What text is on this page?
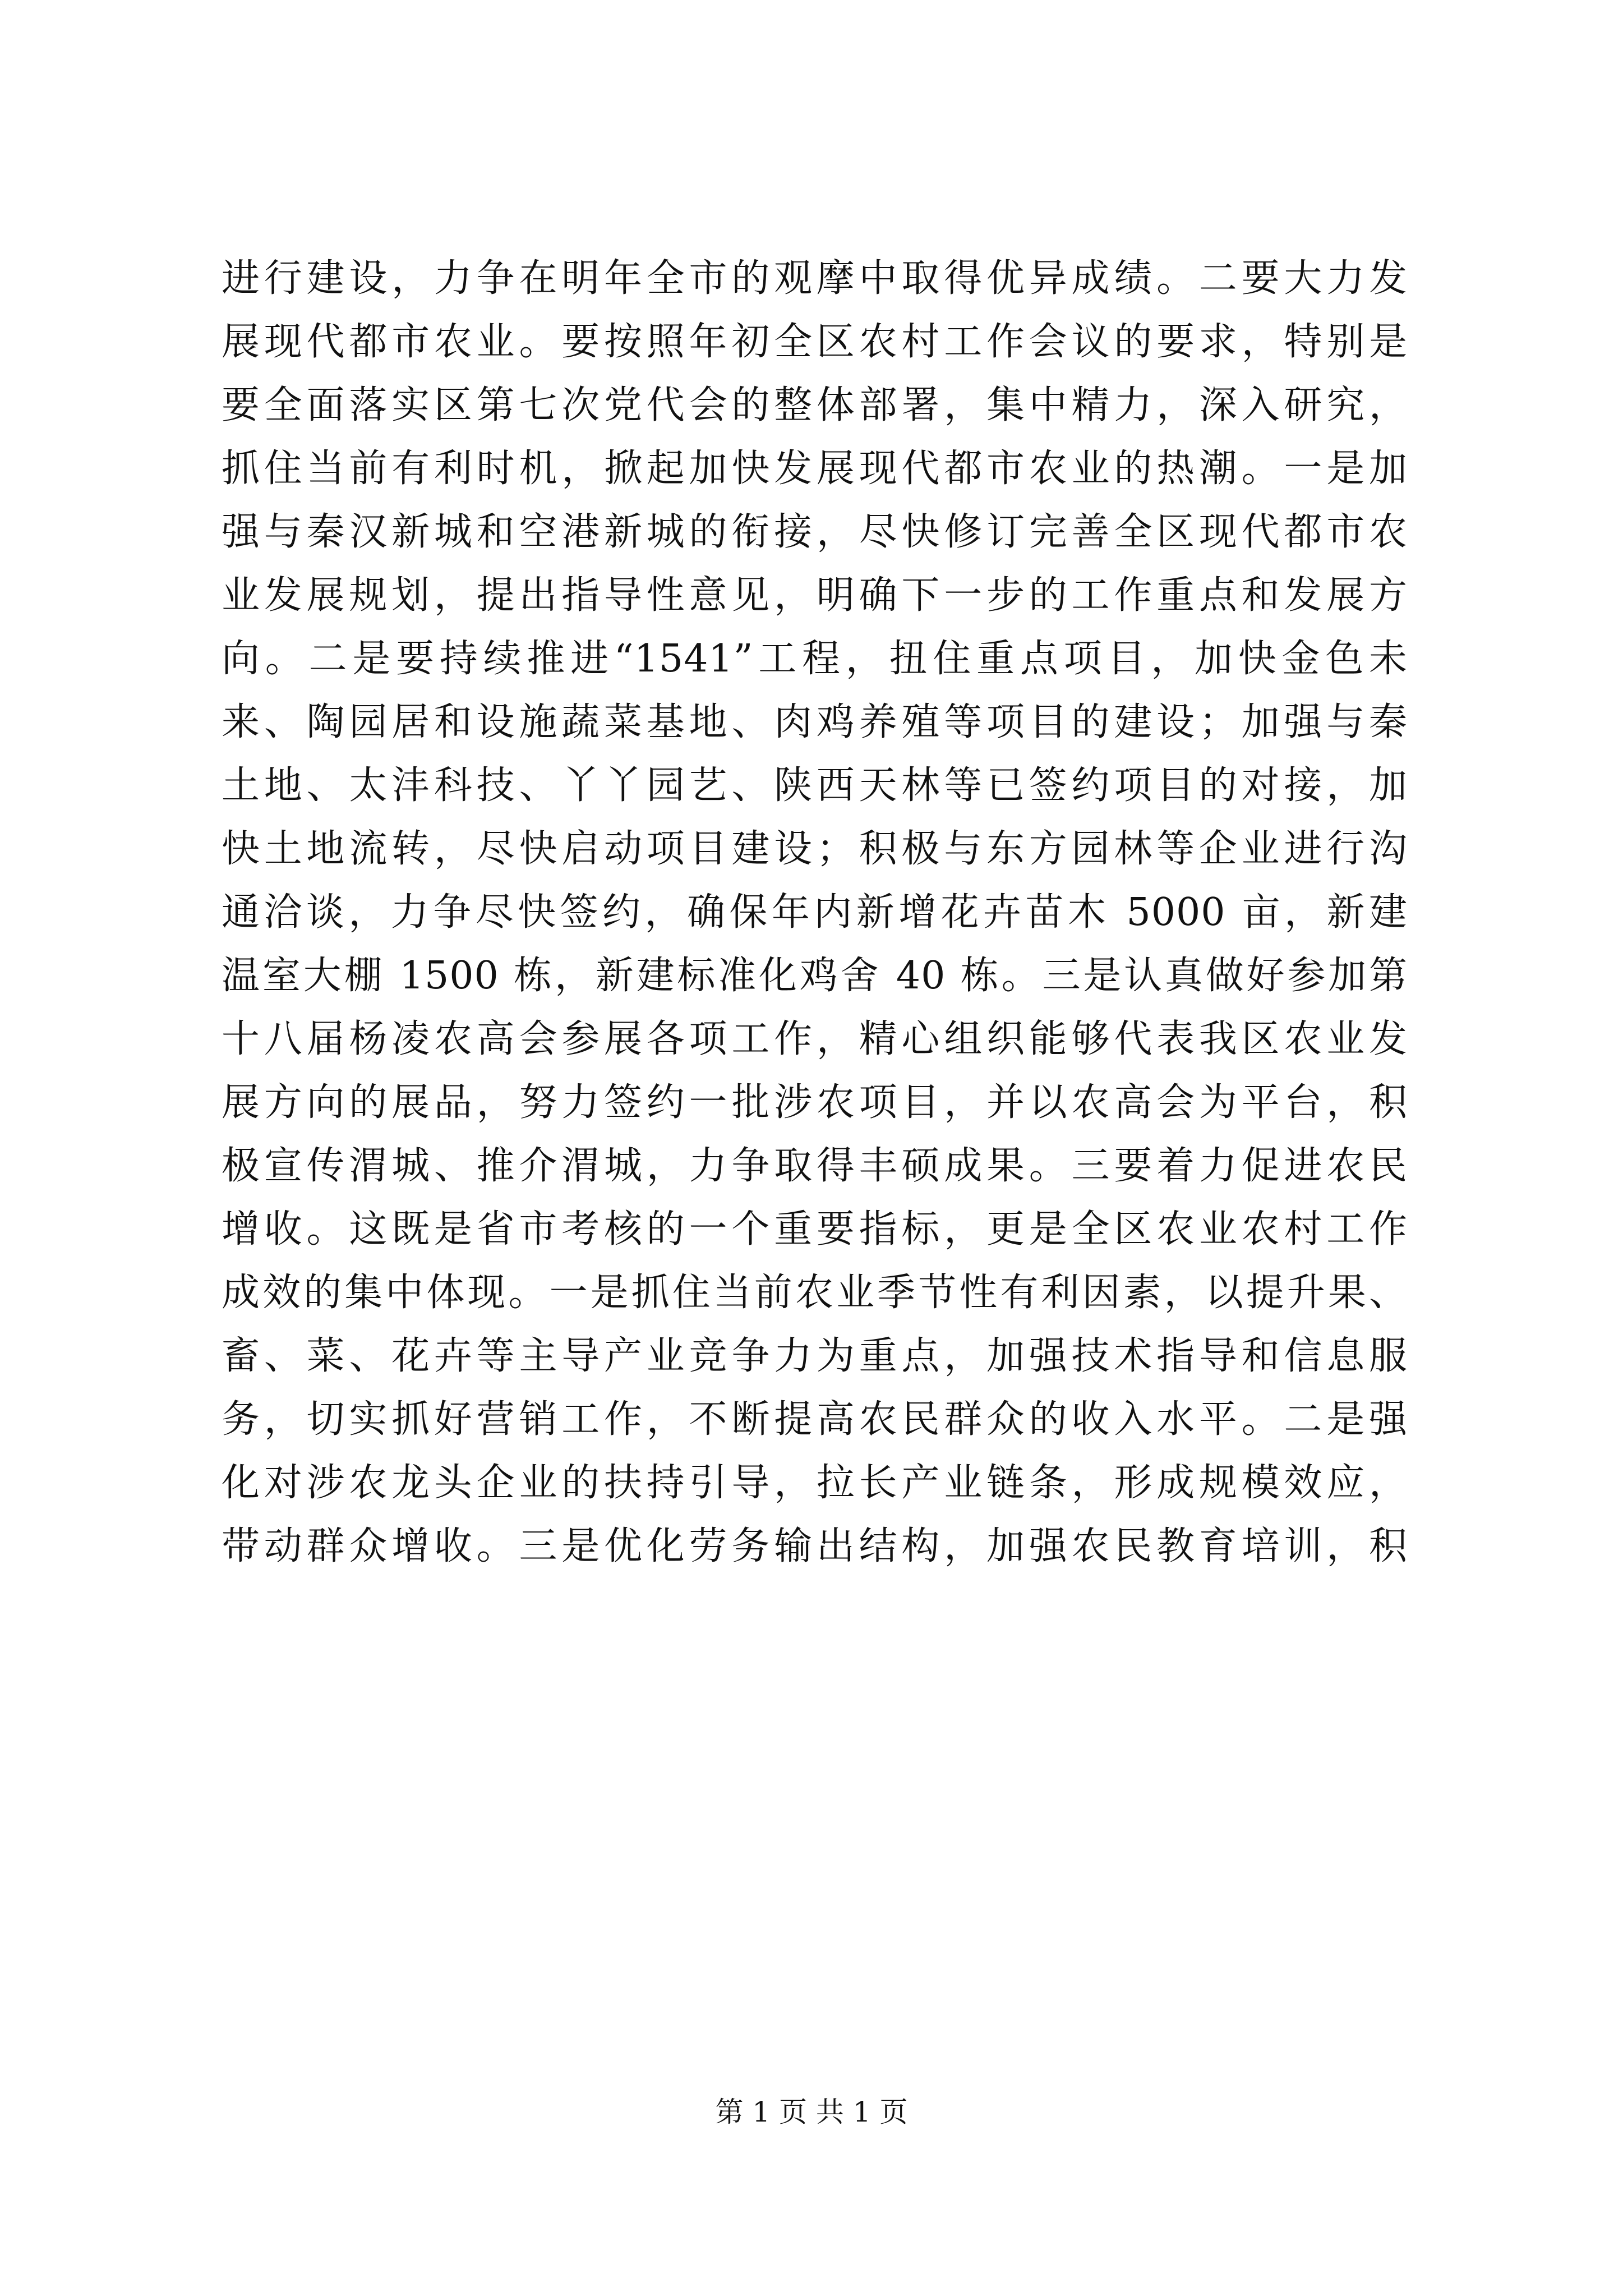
进行建设，力争在明年全市的观摩中取得优异成绩。二要大力发
展现代都市农业。要按照年初全区农村工作会议的要求，特别是
要全面落实区第七次党代会的整体部署，集中精力，深入研究，
抓住当前有利时机，掀起加快发展现代都市农业的热潮。一是加
强与秦汉新城和空港新城的衔接，尽快修订完善全区现代都市农
业发展规划，提出指导性意见，明确下一步的工作重点和发展方
向。二是要持续推进“1541”工程，扭住重点项目，加快金色未
来、陶园居和设施蔬菜基地、肉鸡养殖等项目的建设；加强与秦
土地、太沣科技、丫丫园艺、陕西天林等已签约项目的对接，加
快土地流转，尽快启动项目建设；积极与东方园林等企业进行沟
通洽谈，力争尽快签约，确保年内新增花卉苗木 5000 亩，新建
温室大棚 1500 栋，新建标准化鸡舍 40 栋。三是认真做好参加第
十八届杨凌农高会参展各项工作，精心组织能够代表我区农业发
展方向的展品，努力签约一批涉农项目，并以农高会为平台，积
极宣传渭城、推介渭城，力争取得丰硕成果。三要着力促进农民
增收。这既是省市考核的一个重要指标，更是全区农业农村工作
成效的集中体现。一是抓住当前农业季节性有利因素，以提升果、
畜、菜、花卉等主导产业竞争力为重点，加强技术指导和信息服
务，切实抓好营销工作，不断提高农民群众的收入水平。二是强
化对涉农龙头企业的扶持引导，拉长产业链条，形成规模效应，
带动群众增收。三是优化劳务输出结构，加强农民教育培训，积
第 1 页 共 1 页
